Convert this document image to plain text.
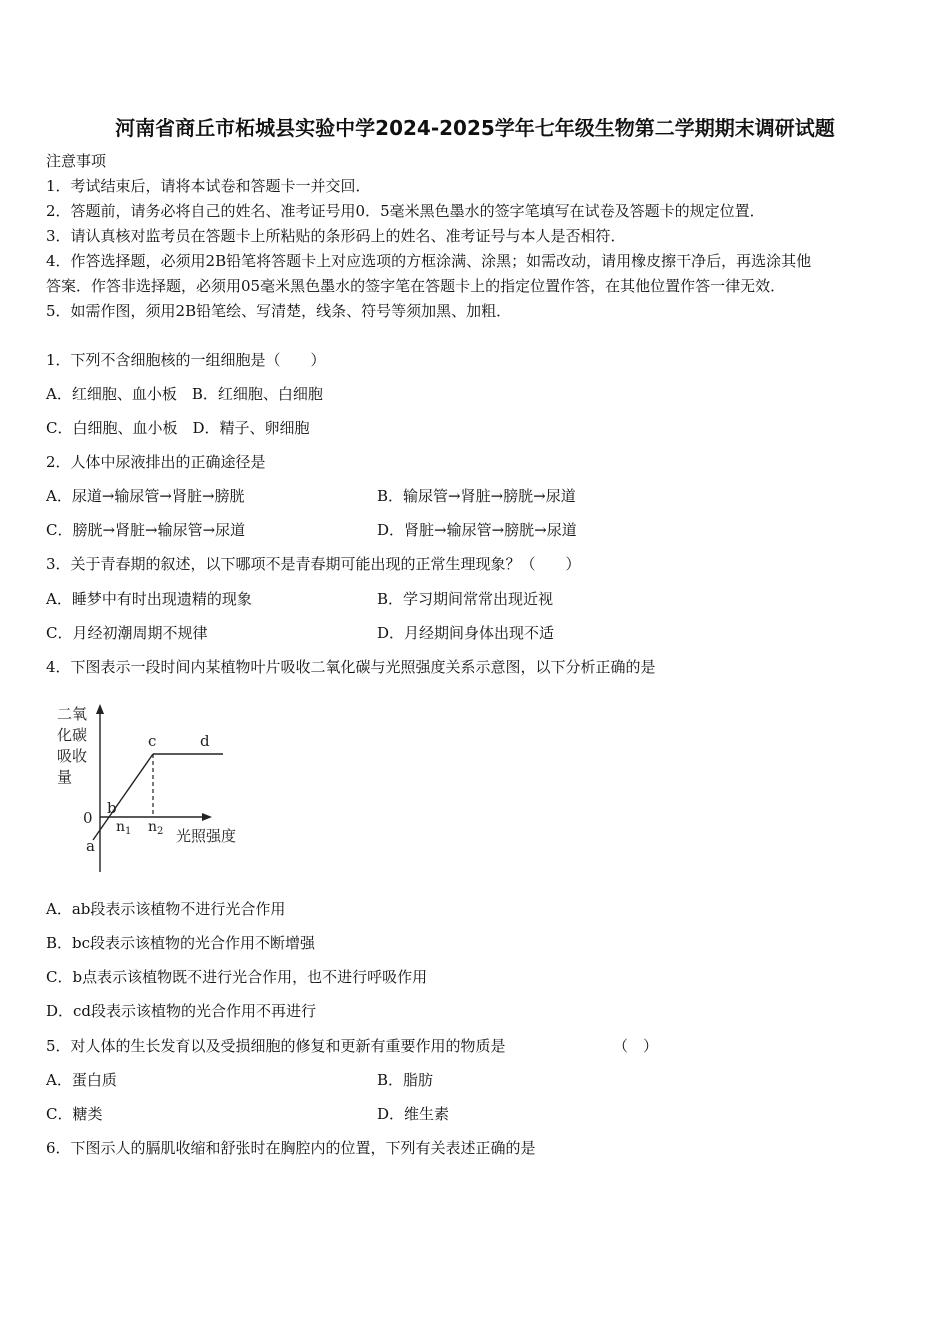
河南省商丘市柘城县实验中学2024-2025学年七年级生物第二学期期末调研试题
注意事项
1．考试结束后，请将本试卷和答题卡一并交回．
2．答题前，请务必将自己的姓名、准考证号用0．5毫米黑色墨水的签字笔填写在试卷及答题卡的规定位置．
3．请认真核对监考员在答题卡上所粘贴的条形码上的姓名、准考证号与本人是否相符．
4．作答选择题，必须用2B铅笔将答题卡上对应选项的方框涂满、涂黑；如需改动，请用橡皮擦干净后，再选涂其他
答案．作答非选择题，必须用05毫米黑色墨水的签字笔在答题卡上的指定位置作答，在其他位置作答一律无效．
5．如需作图，须用2B铅笔绘、写清楚，线条、符号等须加黑、加粗．
1．下列不含细胞核的一组细胞是（　　）
A．红细胞、血小板　B．红细胞、白细胞
C．白细胞、血小板　D．精子、卵细胞
2．人体中尿液排出的正确途径是
A．尿道→输尿管→肾脏→膀胱	B．输尿管→肾脏→膀胱→尿道
C．膀胱→肾脏→输尿管→尿道	D．肾脏→输尿管→膀胱→尿道
3．关于青春期的叙述，以下哪项不是青春期可能出现的正常生理现象？（　　）
A．睡梦中有时出现遗精的现象	B．学习期间常常出现近视
C．月经初潮周期不规律	D．月经期间身体出现不适
4．下图表示一段时间内某植物叶片吸收二氧化碳与光照强度关系示意图，以下分析正确的是
二氧
化碳
吸收
量
0
a
b
c	d
$n_1$ $n_2$ 光照强度
A．ab段表示该植物不进行光合作用
B．bc段表示该植物的光合作用不断增强
C．b点表示该植物既不进行光合作用，也不进行呼吸作用
D．cd段表示该植物的光合作用不再进行
5．对人体的生长发育以及受损细胞的修复和更新有重要作用的物质是	（　）
A．蛋白质	B．脂肪
C．糖类	D．维生素
6．下图示人的膈肌收缩和舒张时在胸腔内的位置，下列有关表述正确的是
